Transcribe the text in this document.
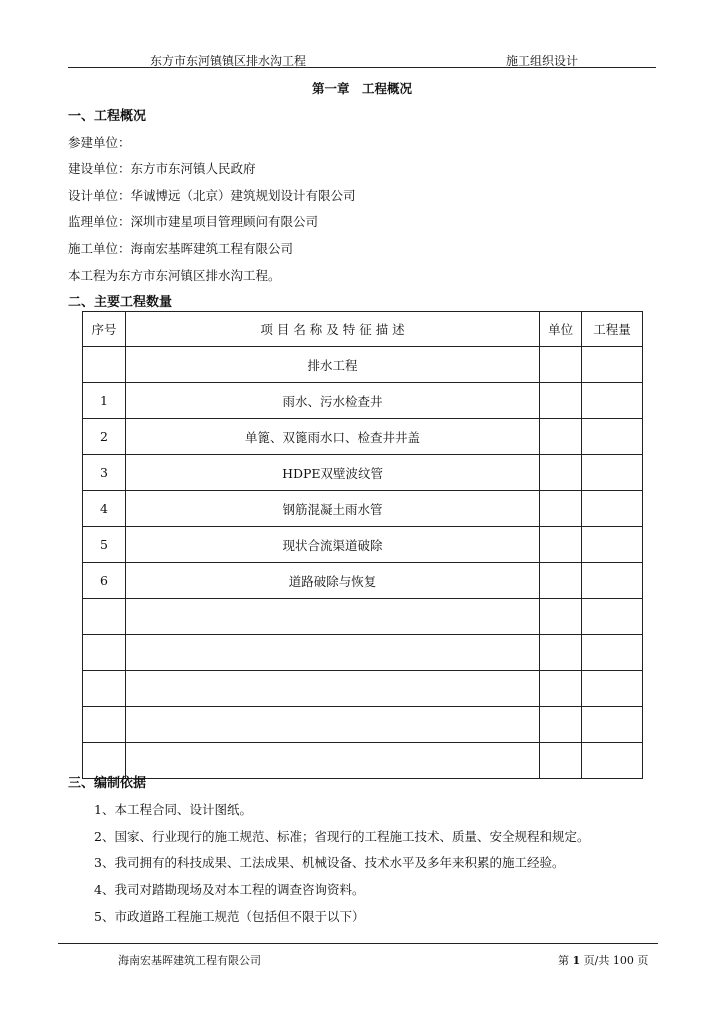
东方市东河镇镇区排水沟工程	施工组织设计
第一章　工程概况
一、工程概况
参建单位：
建设单位：东方市东河镇人民政府
设计单位：华诚博远（北京）建筑规划设计有限公司
监理单位：深圳市建星项目管理顾问有限公司
施工单位：海南宏基晖建筑工程有限公司
本工程为东方市东河镇区排水沟工程。
二、主要工程数量
序号	项 目 名 称 及 特 征 描 述	单位	工程量
	排水工程		
1	雨水、污水检查井		
2	单篦、双篦雨水口、检查井井盖		
3	HDPE双壁波纹管		
4	钢筋混凝土雨水管		
5	现状合流渠道破除		
6	道路破除与恢复		

三、编制依据
1、本工程合同、设计图纸。
2、国家、行业现行的施工规范、标准；省现行的工程施工技术、质量、安全规程和规定。
3、我司拥有的科技成果、工法成果、机械设备、技术水平及多年来积累的施工经验。
4、我司对踏勘现场及对本工程的调查咨询资料。
5、市政道路工程施工规范（包括但不限于以下）
海南宏基晖建筑工程有限公司	第 1 页/共 100 页
